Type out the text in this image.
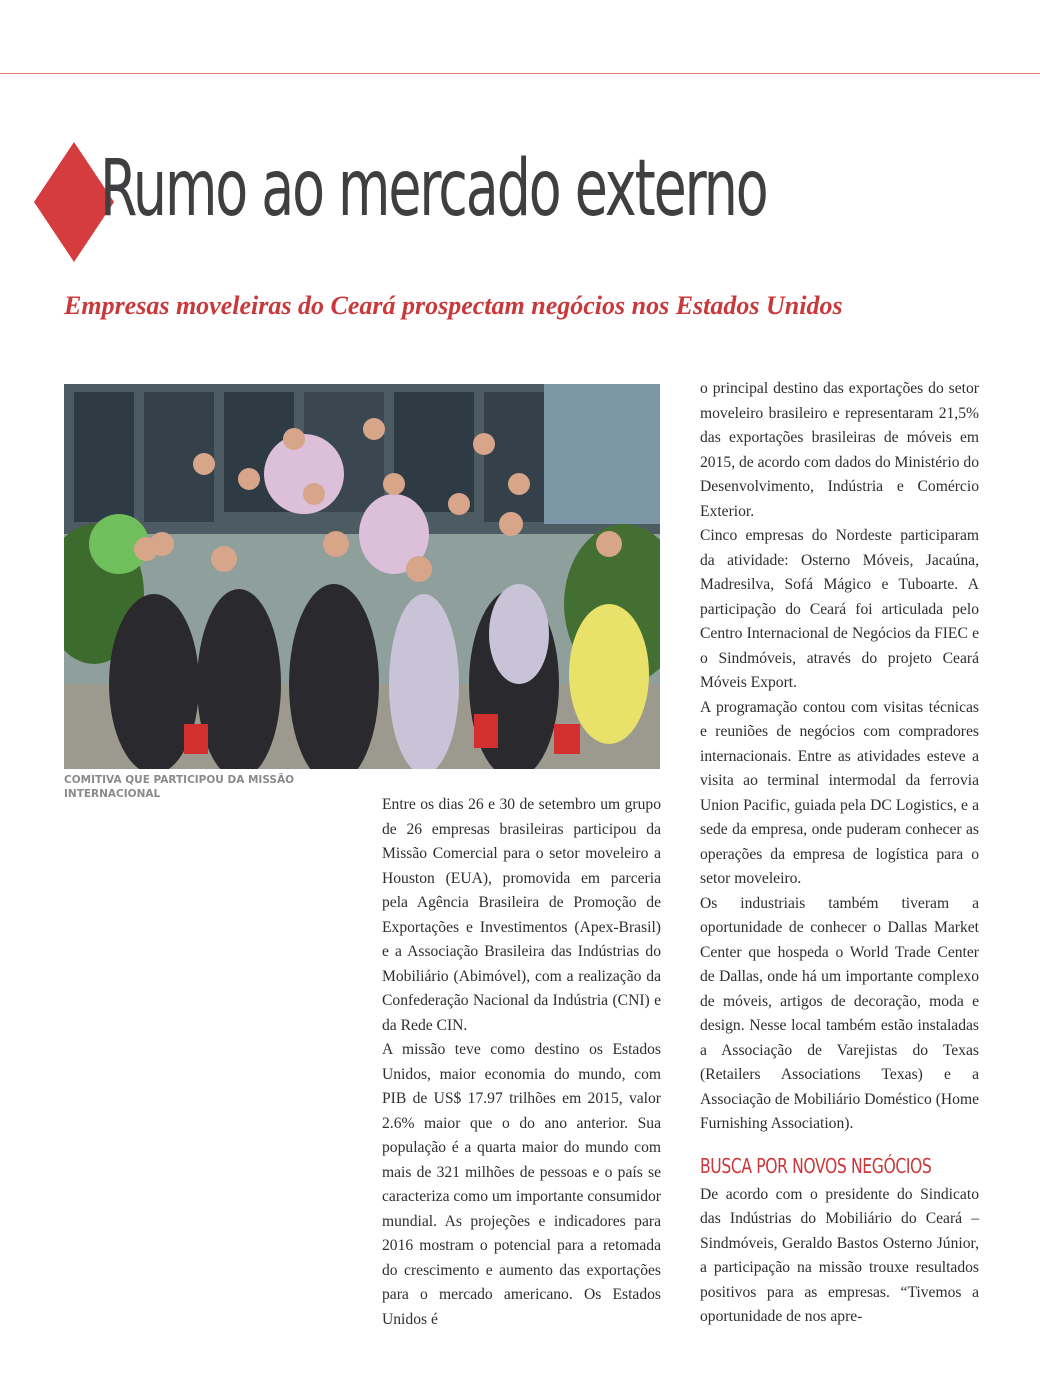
Rumo ao mercado externo
Empresas moveleiras do Ceará prospectam negócios nos Estados Unidos

COMITIVA QUE PARTICIPOU DA MISSÃO INTERNACIONAL

Entre os dias 26 e 30 de setembro um grupo de 26 empresas brasileiras participou da Missão Comercial para o setor moveleiro a Houston (EUA), promovida em parceria pela Agência Brasileira de Promoção de Exportações e Investimentos (Apex-Brasil) e a Associação Brasileira das Indústrias do Mobiliário (Abimóvel), com a realização da Confederação Nacional da Indústria (CNI) e da Rede CIN.

A missão teve como destino os Estados Unidos, maior economia do mundo, com PIB de US$ 17.97 trilhões em 2015, valor 2.6% maior que o do ano anterior. Sua população é a quarta maior do mundo com mais de 321 milhões de pessoas e o país se caracteriza como um importante consumidor mundial. As projeções e indicadores para 2016 mostram o potencial para a retomada do crescimento e aumento das exportações para o mercado americano. Os Estados Unidos é

o principal destino das exportações do setor moveleiro brasileiro e representaram 21,5% das exportações brasileiras de móveis em 2015, de acordo com dados do Ministério do Desenvolvimento, Indústria e Comércio Exterior.

Cinco empresas do Nordeste participaram da atividade: Osterno Móveis, Jacaúna, Madresilva, Sofá Mágico e Tuboarte. A participação do Ceará foi articulada pelo Centro Internacional de Negócios da FIEC e o Sindmóveis, através do projeto Ceará Móveis Export.

A programação contou com visitas técnicas e reuniões de negócios com compradores internacionais. Entre as atividades esteve a visita ao terminal intermodal da ferrovia Union Pacific, guiada pela DC Logistics, e a sede da empresa, onde puderam conhecer as operações da empresa de logística para o setor moveleiro.

Os industriais também tiveram a oportunidade de conhecer o Dallas Market Center que hospeda o World Trade Center de Dallas, onde há um importante complexo de móveis, artigos de decoração, moda e design. Nesse local também estão instaladas a Associação de Varejistas do Texas (Retailers Associations Texas) e a Associação de Mobiliário Doméstico (Home Furnishing Association).

BUSCA POR NOVOS NEGÓCIOS

De acordo com o presidente do Sindicato das Indústrias do Mobiliário do Ceará – Sindmóveis, Geraldo Bastos Osterno Júnior, a participação na missão trouxe resultados positivos para as empresas. “Tivemos a oportunidade de nos apre-
